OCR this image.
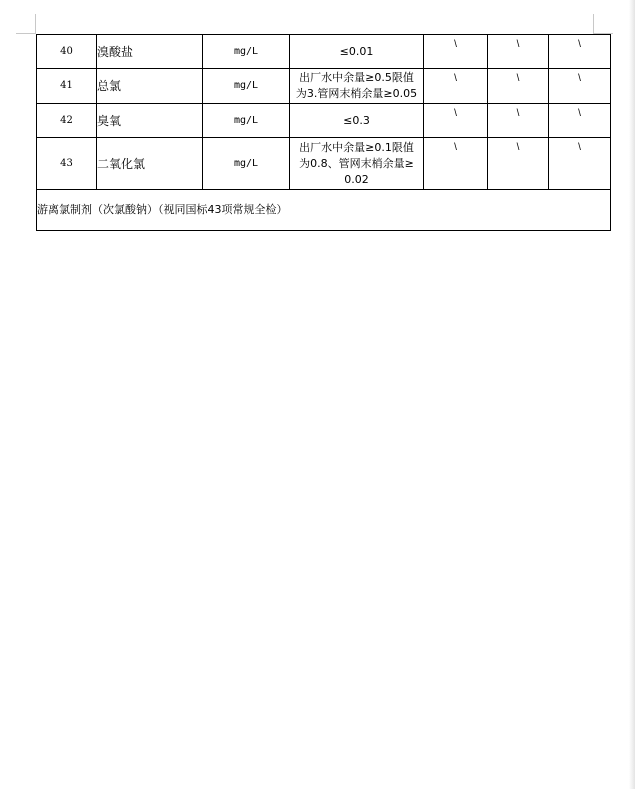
40	溴酸盐	mg/L	≤0.01	\	\	\
41	总氯	mg/L	出厂水中余量≥0.5限值
为3.管网末梢余量≥0.05	\	\	\
42	臭氧	mg/L	≤0.3	\	\	\
43	二氧化氯	mg/L	出厂水中余量≥0.1限值
为0.8、管网末梢余量≥
0.02	\	\	\
游离氯制剂（次氯酸钠）（视同国标43项常规全检）						
